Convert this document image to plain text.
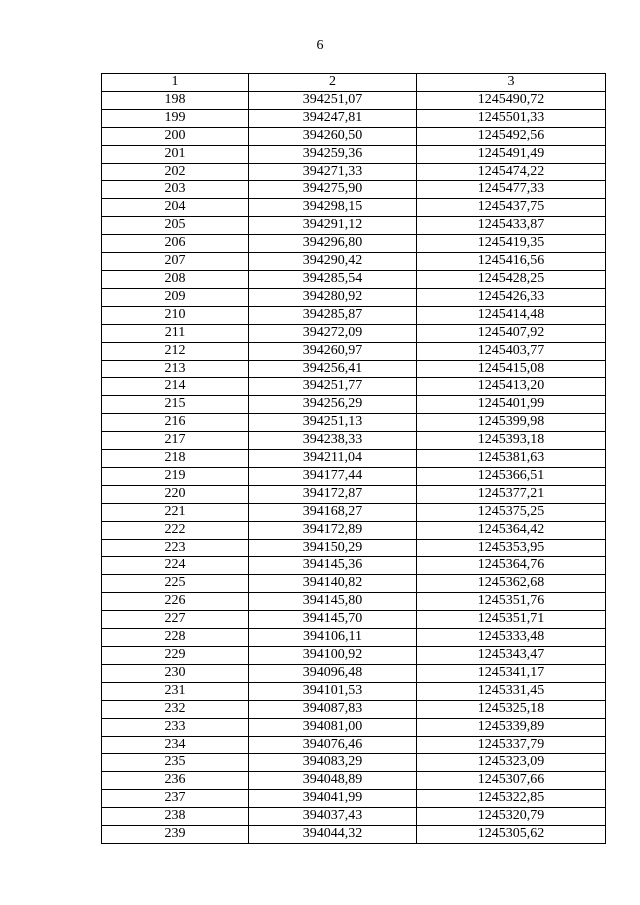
6
1	2	3
198	394251,07	1245490,72
199	394247,81	1245501,33
200	394260,50	1245492,56
201	394259,36	1245491,49
202	394271,33	1245474,22
203	394275,90	1245477,33
204	394298,15	1245437,75
205	394291,12	1245433,87
206	394296,80	1245419,35
207	394290,42	1245416,56
208	394285,54	1245428,25
209	394280,92	1245426,33
210	394285,87	1245414,48
211	394272,09	1245407,92
212	394260,97	1245403,77
213	394256,41	1245415,08
214	394251,77	1245413,20
215	394256,29	1245401,99
216	394251,13	1245399,98
217	394238,33	1245393,18
218	394211,04	1245381,63
219	394177,44	1245366,51
220	394172,87	1245377,21
221	394168,27	1245375,25
222	394172,89	1245364,42
223	394150,29	1245353,95
224	394145,36	1245364,76
225	394140,82	1245362,68
226	394145,80	1245351,76
227	394145,70	1245351,71
228	394106,11	1245333,48
229	394100,92	1245343,47
230	394096,48	1245341,17
231	394101,53	1245331,45
232	394087,83	1245325,18
233	394081,00	1245339,89
234	394076,46	1245337,79
235	394083,29	1245323,09
236	394048,89	1245307,66
237	394041,99	1245322,85
238	394037,43	1245320,79
239	394044,32	1245305,62
